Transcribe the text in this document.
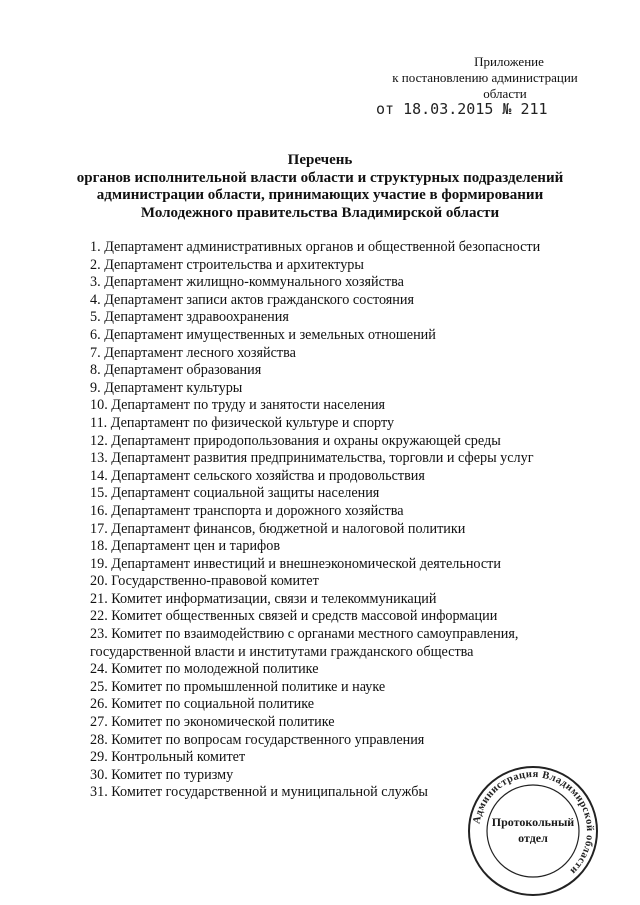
Приложение
к постановлению администрации
области
от 18.03.2015 № 211
Перечень
органов исполнительной власти области и структурных подразделений
администрации области, принимающих участие в формировании
Молодежного правительства Владимирской области
1. Департамент административных органов и общественной безопасности
2. Департамент строительства и архитектуры
3. Департамент жилищно-коммунального хозяйства
4. Департамент записи актов гражданского состояния
5. Департамент здравоохранения
6. Департамент имущественных и земельных отношений
7. Департамент лесного хозяйства
8. Департамент образования
9. Департамент культуры
10. Департамент по труду и занятости населения
11. Департамент по физической культуре и спорту
12. Департамент природопользования и охраны окружающей среды
13. Департамент развития предпринимательства, торговли и сферы услуг
14. Департамент сельского хозяйства и продовольствия
15. Департамент социальной защиты населения
16. Департамент транспорта и дорожного хозяйства
17. Департамент финансов, бюджетной и налоговой политики
18. Департамент цен и тарифов
19. Департамент инвестиций и внешнеэкономической деятельности
20. Государственно-правовой комитет
21. Комитет информатизации, связи и телекоммуникаций
22. Комитет общественных связей и средств массовой информации
23. Комитет по взаимодействию с органами местного самоуправления,
государственной власти и институтами гражданского общества
24. Комитет по молодежной политике
25. Комитет по промышленной политике и науке
26. Комитет по социальной политике
27. Комитет по экономической политике
28. Комитет по вопросам государственного управления
29. Контрольный комитет
30. Комитет по туризму
31. Комитет государственной и муниципальной службы
Администрация Владимирской области
Протокольный
отдел
